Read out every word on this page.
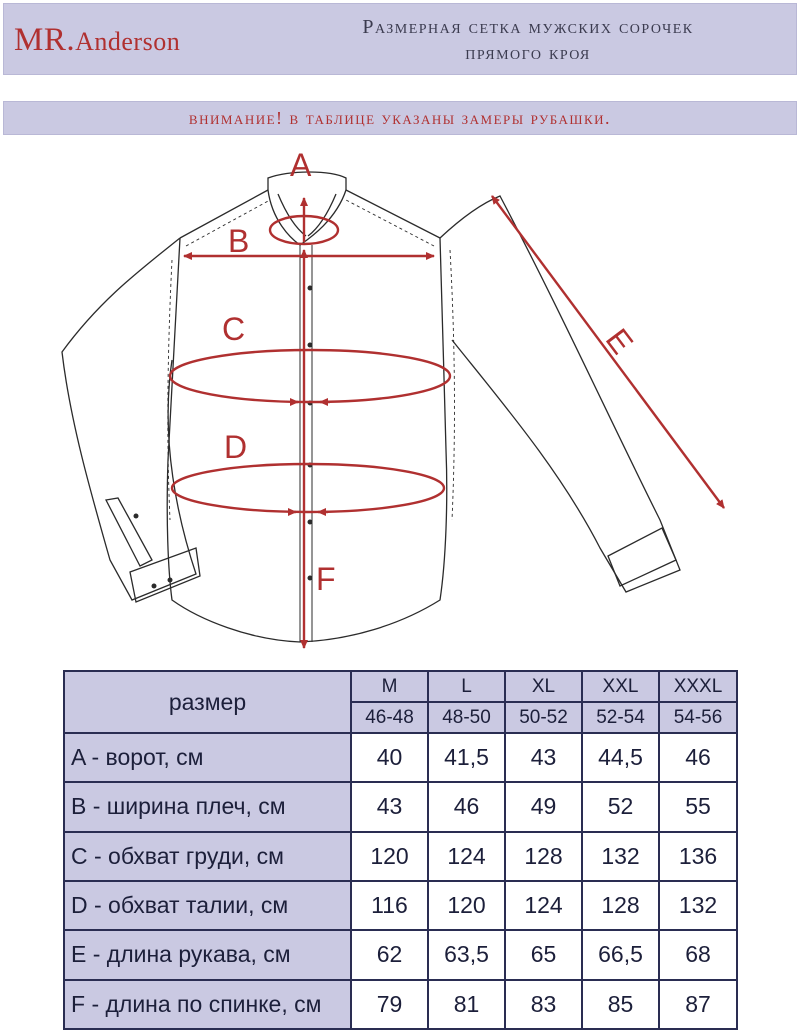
MR.Anderson	Размерная сетка мужских сорочек
прямого кроя
внимание! в таблице указаны замеры рубашки.
A
B
C
D
E
F
размер	M	L	XL	XXL	XXXL
	46-48	48-50	50-52	52-54	54-56
A - ворот, см	40	41,5	43	44,5	46
B - ширина плеч, см	43	46	49	52	55
C - обхват груди, см	120	124	128	132	136
D - обхват талии, см	116	120	124	128	132
E - длина рукава, см	62	63,5	65	66,5	68
F - длина по спинке, см	79	81	83	85	87
